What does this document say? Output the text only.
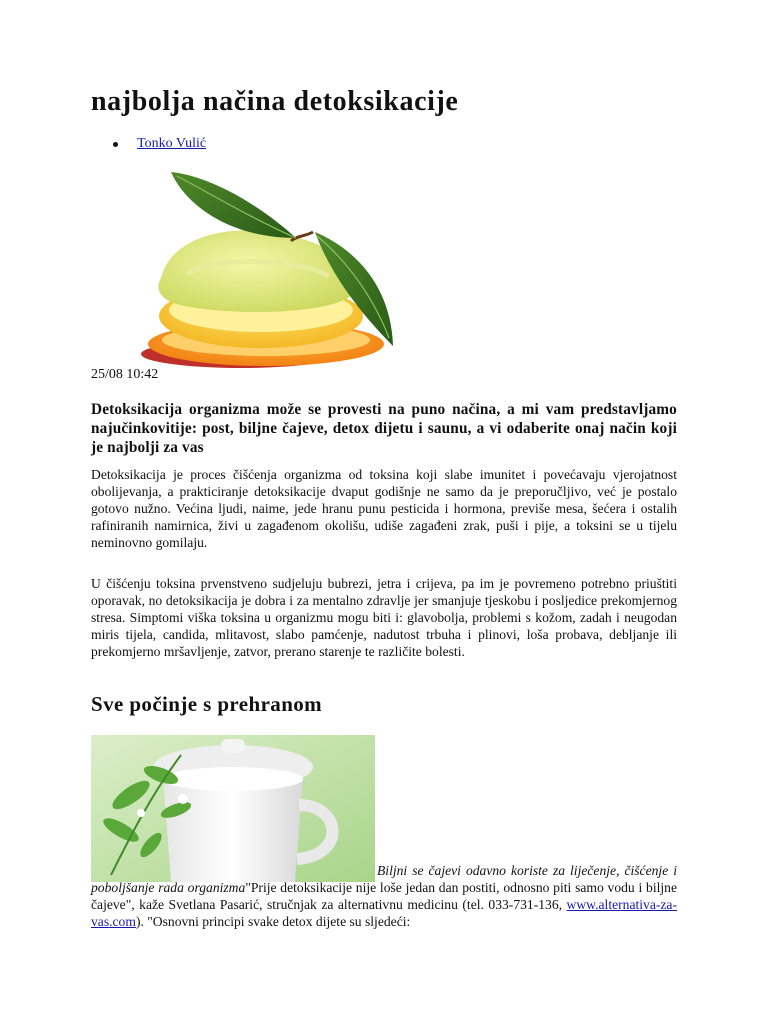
najbolja načina detoksikacije
Tonko Vulić
25/08 10:42

Detoksikacija organizma može se provesti na puno načina, a mi vam predstavljamo najučinkovitije: post, biljne čajeve, detox dijetu i saunu, a vi odaberite onaj način koji je najbolji za vas

Detoksikacija je proces čišćenja organizma od toksina koji slabe imunitet i povećavaju vjerojatnost obolijevanja, a prakticiranje detoksikacije dvaput godišnje ne samo da je preporučljivo, već je postalo gotovo nužno. Većina ljudi, naime, jede hranu punu pesticida i hormona, previše mesa, šećera i ostalih rafiniranih namirnica, živi u zagađenom okolišu, udiše zagađeni zrak, puši i pije, a toksini se u tijelu neminovno gomilaju.

U čišćenju toksina prvenstveno sudjeluju bubrezi, jetra i crijeva, pa im je povremeno potrebno priuštiti oporavak, no detoksikacija je dobra i za mentalno zdravlje jer smanjuje tjeskobu i posljedice prekomjernog stresa. Simptomi viška toksina u organizmu mogu biti i: glavobolja, problemi s kožom, zadah i neugodan miris tijela, candida, mlitavost, slabo pamćenje, nadutost trbuha i plinovi, loša probava, debljanje ili prekomjerno mršavljenje, zatvor, prerano starenje te različite bolesti.

Sve počinje s prehranom

Biljni se čajevi odavno koriste za liječenje, čišćenje i poboljšanje rada organizma"Prije detoksikacije nije loše jedan dan postiti, odnosno piti samo vodu i biljne čajeve", kaže Svetlana Pasarić, stručnjak za alternativnu medicinu (tel. 033-731-136, www.alternativa-za-vas.com). "Osnovni principi svake detox dijete su sljedeći:
